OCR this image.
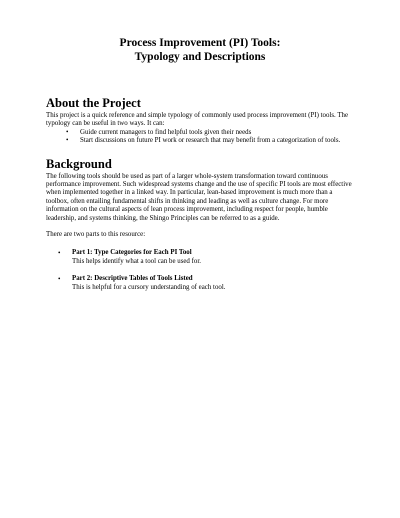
Process Improvement (PI) Tools:

Typology and Descriptions

About the Project

This project is a quick reference and simple typology of commonly used process improvement (PI) tools. The typology can be useful in two ways. It can:

• Guide current managers to find helpful tools given their needs
• Start discussions on future PI work or research that may benefit from a categorization of tools.
Background

The following tools should be used as part of a larger whole-system transformation toward continuous performance improvement. Such widespread systems change and the use of specific PI tools are most effective when implemented together in a linked way. In particular, lean-based improvement is much more than a toolbox, often entailing fundamental shifts in thinking and leading as well as culture change. For more information on the cultural aspects of lean process improvement, including respect for people, humble leadership, and systems thinking, the Shingo Principles can be referred to as a guide.

There are two parts to this resource:

• Part 1: Type Categories for Each PI Tool
This helps identify what a tool can be used for.
• Part 2: Descriptive Tables of Tools Listed
This is helpful for a cursory understanding of each tool.
